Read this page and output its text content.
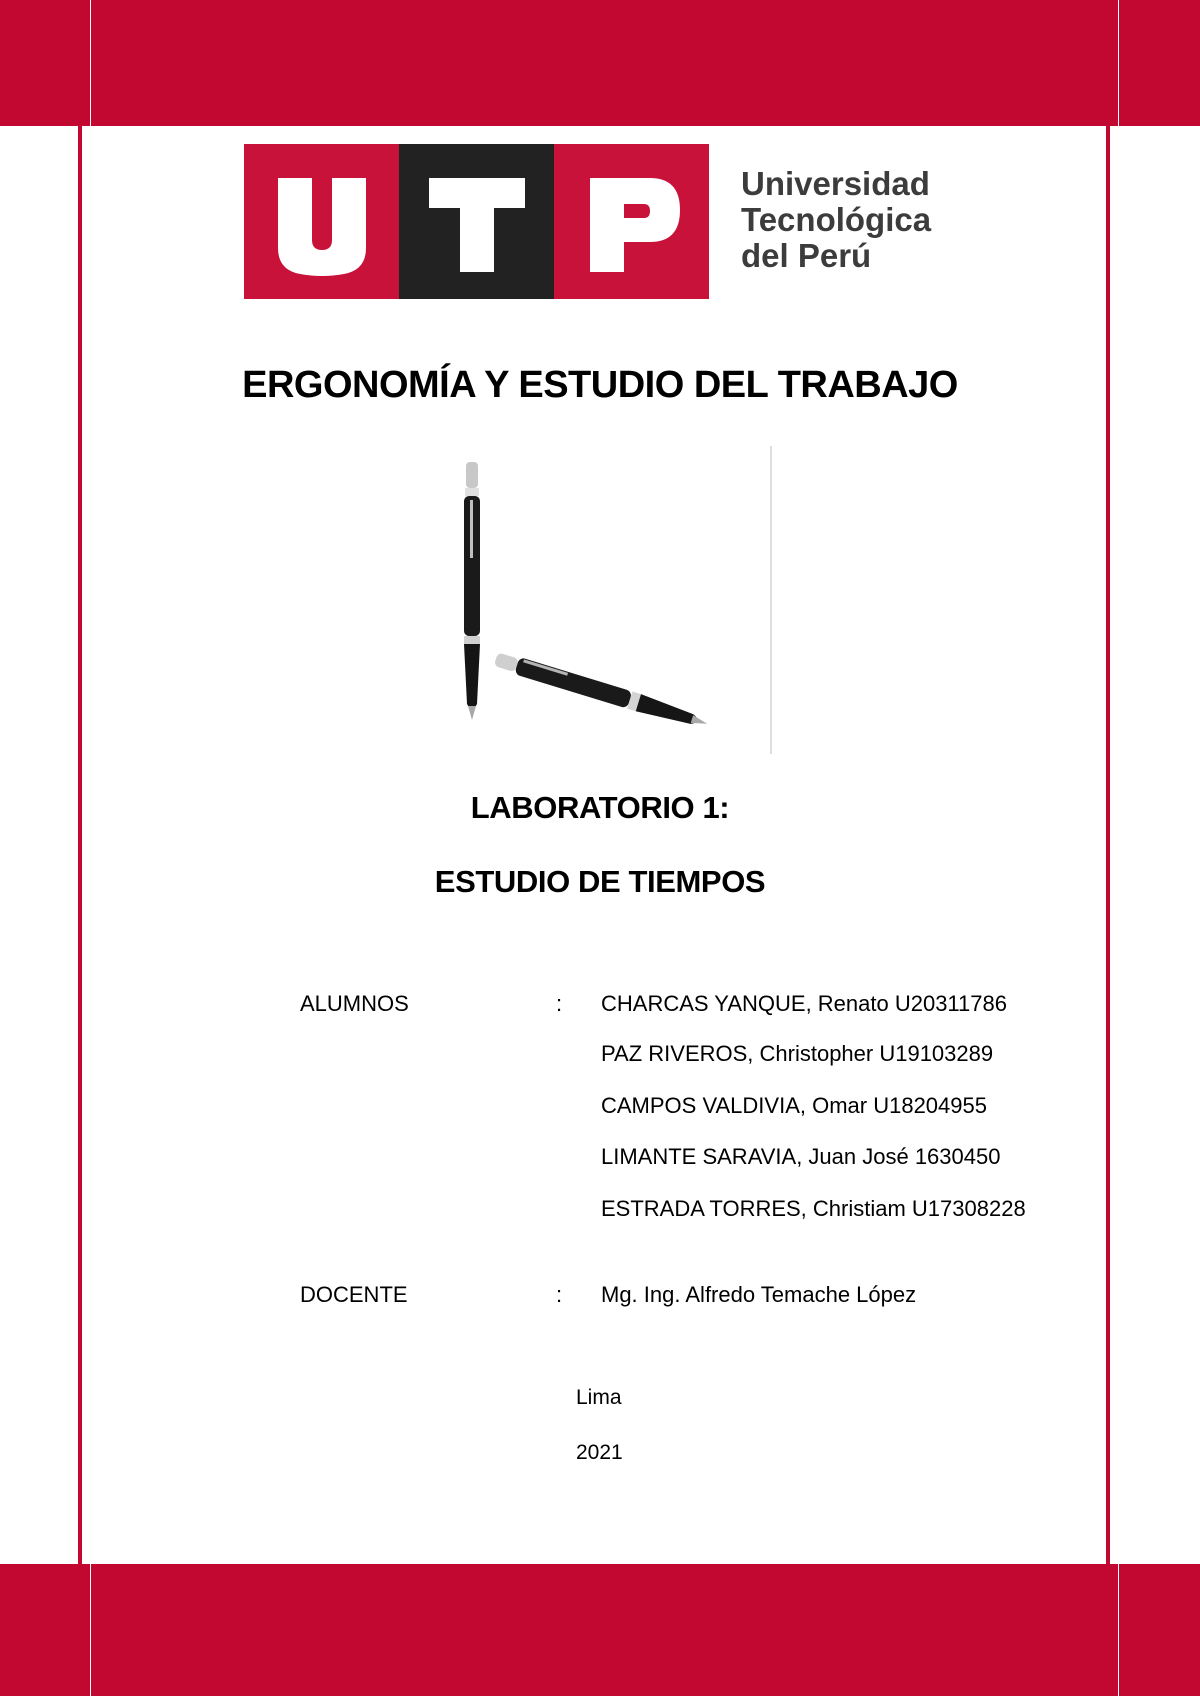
Universidad
Tecnológica
del Perú
ERGONOMÍA Y ESTUDIO DEL TRABAJO
LABORATORIO 1:
ESTUDIO DE TIEMPOS
ALUMNOS	: CHARCAS YANQUE, Renato U20311786
PAZ RIVEROS, Christopher U19103289
CAMPOS VALDIVIA, Omar U18204955
LIMANTE SARAVIA, Juan José 1630450
ESTRADA TORRES, Christiam U17308228
DOCENTE	: Mg. Ing. Alfredo Temache López
Lima
2021
